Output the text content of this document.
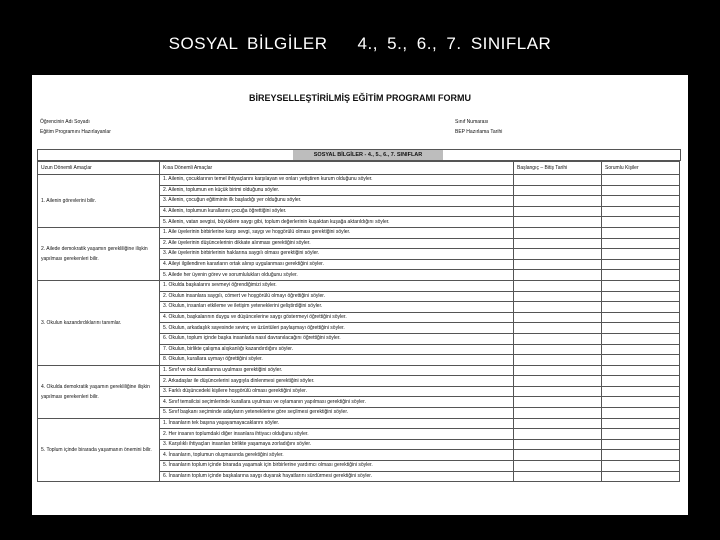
SOSYAL BİLGİLER 4., 5., 6., 7. SINIFLAR
BİREYSELLEŞTİRİLMİŞ EĞİTİM PROGRAMI FORMU
Öğrencinin Adı Soyadı
Eğitim Programını Hazırlayanlar
Sınıf Numarası
BEP Hazırlama Tarihi
SOSYAL BİLGİLER - 4., 5., 6., 7. SINIFLAR
Uzun Dönemli Amaçlar	Kısa Dönemli Amaçlar	Başlangıç – Bitiş Tarihi	Sorumlu Kişiler
1. Ailenin görevlerini bilir.	1. Ailenin, çocuklarının temel ihtiyaçlarını karşılayan ve onları yetiştiren kurum olduğunu söyler.		
	2. Ailenin, toplumun en küçük birimi olduğunu söyler.		
	3. Ailenin, çocuğun eğitiminin ilk başladığı yer olduğunu söyler.		
	4. Ailenin, toplumun kurallarını çocuğa öğrettiğini söyler.		
	5. Ailenin, vatan sevgisi, büyüklere saygı gibi, toplum değerlerinin kuşaktan kuşağa aktarıldığını söyler.		
2. Ailede demokratik yaşamın gerekliliğine ilişkin yapılması gerekenleri bilir.	1. Aile üyelerinin birbirlerine karşı sevgi, saygı ve hoşgörülü olması gerektiğini söyler.		
	2. Aile üyelerinin düşüncelerinin dikkate alınması gerektiğini söyler.		
	3. Aile üyelerinin birbirlerinin haklarına saygılı olması gerektiğini söyler.		
	4. Aileyi ilgilendiren kararların ortak alınıp uygulanması gerektiğini söyler.		
	5. Ailede her üyenin görev ve sorumlulukları olduğunu söyler.		
3. Okulun kazandırdıklarını tanımlar.	1. Okulda başkalarını sevmeyi öğrendiğimizi söyler.		
	2. Okulun insanlara saygılı, cömert ve hoşgörülü olmayı öğrettiğini söyler.		
	3. Okulun, insanları etkileme ve iletişim yeteneklerini geliştirdiğini söyler.		
	4. Okulun, başkalarının duygu ve düşüncelerine saygı göstermeyi öğrettiğini söyler.		
	5. Okulun, arkadaşlık sayesinde sevinç ve üzüntüleri paylaşmayı öğrettiğini söyler.		
	6. Okulun, toplum içinde başka insanlarla nasıl davranılacağını öğrettiğini söyler.		
	7. Okulun, birlikte çalışma alışkanlığı kazandırdığını söyler.		
	8. Okulun, kurallara uymayı öğrettiğini söyler.		
4. Okulda demokratik yaşamın gerekliliğine ilişkin yapılması gerekenleri bilir.	1. Sınıf ve okul kurallarına uyulması gerektiğini söyler.		
	2. Arkadaşlar ile düşüncelerini saygıyla dinlenmesi gerektiğini söyler.		
	3. Farklı düşüncedeki kişilere hoşgörülü olması gerektiğini söyler.		
	4. Sınıf temsilcisi seçimlerinde kurallara uyulması ve oylamanın yapılması gerektiğini söyler.		
	5. Sınıf başkanı seçiminde adayların yeteneklerine göre seçilmesi gerektiğini söyler.		
5. Toplum içinde birarada yaşamanın önemini bilir.	1. İnsanların tek başına yaşayamayacaklarını söyler.		
	2. Her insanın toplumdaki diğer insanlara ihtiyacı olduğunu söyler.		
	3. Karşılıklı ihtiyaçları insanları birlikte yaşamaya zorladığını söyler.		
	4. İnsanların, toplumun oluşmasında gerektiğini söyler.		
	5. İnsanların toplum içinde birarada yaşamak için birbirlerine yardımcı olması gerektiğini söyler.		
	6. İnsanların toplum içinde başkalarına saygı duyarak hayatlarını sürdürmesi gerektiğini söyler.		
